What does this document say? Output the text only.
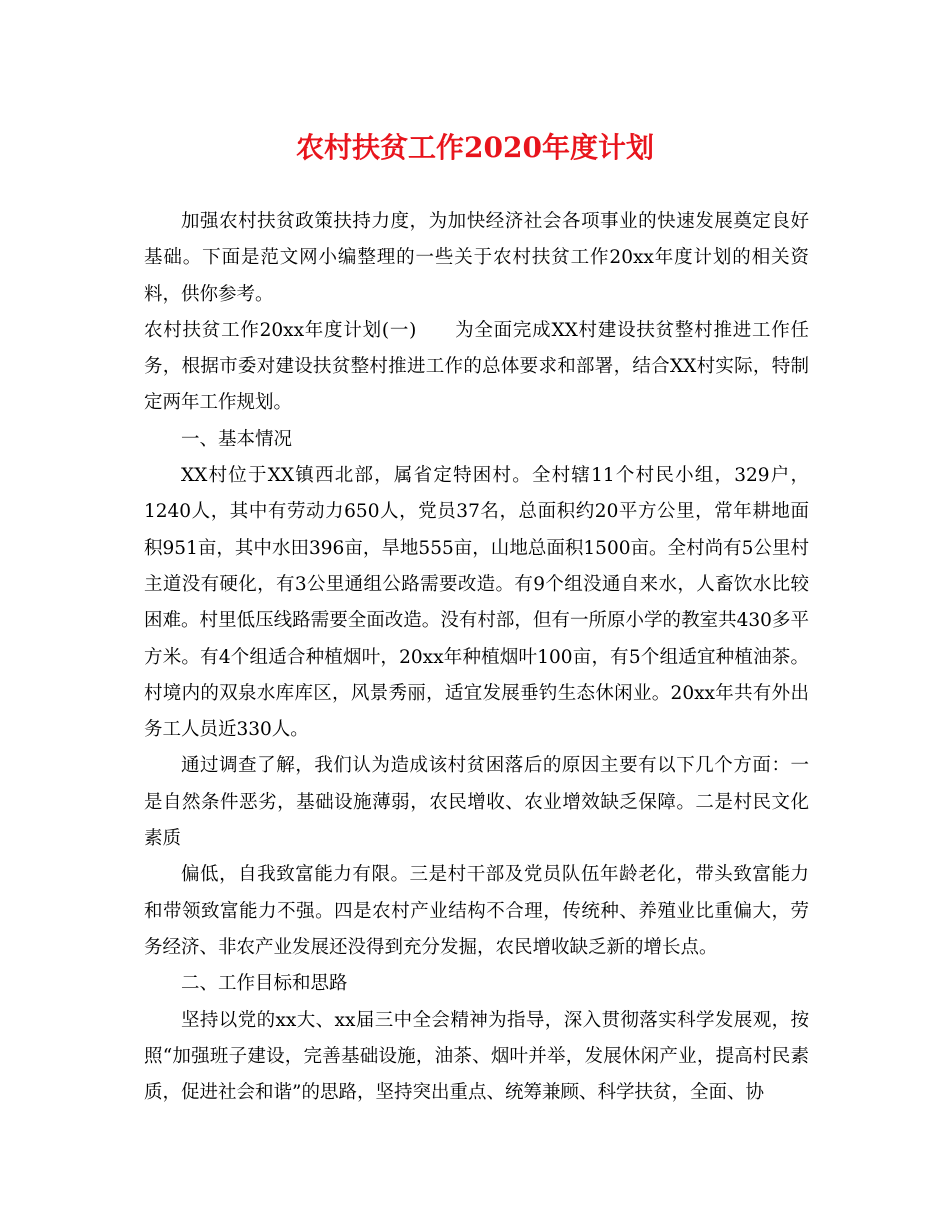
农村扶贫工作2020年度计划

加强农村扶贫政策扶持力度，为加快经济社会各项事业的快速发展奠定良好基础。下面是范文网小编整理的一些关于农村扶贫工作20xx年度计划的相关资料，供你参考。

农村扶贫工作20xx年度计划(一) 为全面完成XX村建设扶贫整村推进工作任务，根据市委对建设扶贫整村推进工作的总体要求和部署，结合XX村实际，特制定两年工作规划。

一、基本情况

XX村位于XX镇西北部，属省定特困村。全村辖11个村民小组，329户，1240人，其中有劳动力650人，党员37名，总面积约20平方公里，常年耕地面积951亩，其中水田396亩，旱地555亩，山地总面积1500亩。全村尚有5公里村主道没有硬化，有3公里通组公路需要改造。有9个组没通自来水，人畜饮水比较困难。村里低压线路需要全面改造。没有村部，但有一所原小学的教室共430多平方米。有4个组适合种植烟叶，20xx年种植烟叶100亩，有5个组适宜种植油茶。村境内的双泉水库库区，风景秀丽，适宜发展垂钓生态休闲业。20xx年共有外出务工人员近330人。

通过调查了解，我们认为造成该村贫困落后的原因主要有以下几个方面：一是自然条件恶劣，基础设施薄弱，农民增收、农业增效缺乏保障。二是村民文化素质

偏低，自我致富能力有限。三是村干部及党员队伍年龄老化，带头致富能力和带领致富能力不强。四是农村产业结构不合理，传统种、养殖业比重偏大，劳务经济、非农产业发展还没得到充分发掘，农民增收缺乏新的增长点。

二、工作目标和思路

坚持以党的xx大、xx届三中全会精神为指导，深入贯彻落实科学发展观，按照“加强班子建设，完善基础设施，油茶、烟叶并举，发展休闲产业，提高村民素质，促进社会和谐”的思路，坚持突出重点、统筹兼顾、科学扶贫，全面、协
